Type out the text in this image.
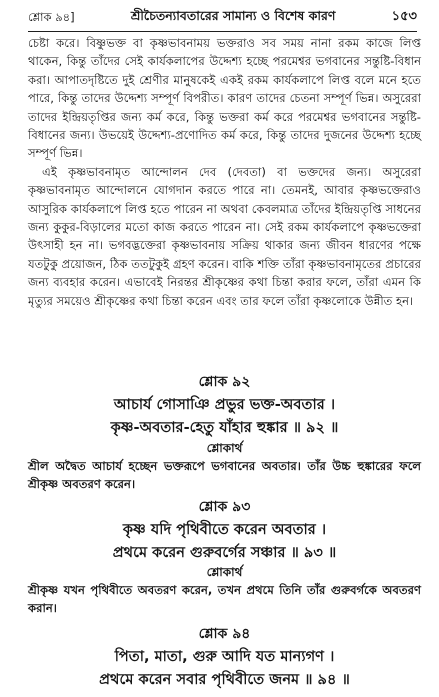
শ্লোক ৯৪]	শ্রীচৈতন্যাবতারের সামান্য ও বিশেষ কারণ	১৫৩

চেষ্টা করে। বিষ্ণুভক্ত বা কৃষ্ণভাবনাময় ভক্তরাও সব সময় নানা রকম কাজে লিপ্ত থাকেন, কিন্তু তাঁদের সেই কার্যকলাপের উদ্দেশ্য হচ্ছে পরমেশ্বর ভগবানের সন্তুষ্টি-বিধান করা। আপাতদৃষ্টিতে দুই শ্রেণীর মানুষকেই একই রকম কার্যকলাপে লিপ্ত বলে মনে হতে পারে, কিন্তু তাদের উদ্দেশ্য সম্পূর্ণ বিপরীত। কারণ তাদের চেতনা সম্পূর্ণ ভিন্ন। অসুরেরা তাদের ইন্দ্রিয়তৃপ্তির জন্য কর্ম করে, কিন্তু ভক্তরা কর্ম করে পরমেশ্বর ভগবানের সন্তুষ্টি-বিধানের জন্য। উভয়েই উদ্দেশ্য-প্রণোদিত কর্ম করে, কিন্তু তাদের দুজনের উদ্দেশ্য হচ্ছে সম্পূর্ণ ভিন্ন।

এই কৃষ্ণভাবনামৃত আন্দোলন দেব (দেবতা) বা ভক্তদের জন্য। অসুরেরা কৃষ্ণভাবনামৃত আন্দোলনে যোগদান করতে পারে না। তেমনই, আবার কৃষ্ণভক্তেরাও আসুরিক কার্যকলাপে লিপ্ত হতে পারেন না অথবা কেবলমাত্র তাঁদের ইন্দ্রিয়তৃপ্তি সাধনের জন্য কুকুর-বিড়ালের মতো কাজ করতে পারেন না। সেই রকম কার্যকলাপে কৃষ্ণভক্তেরা উৎসাহী হন না। ভগবদ্ভক্তেরা কৃষ্ণভাবনায় সক্রিয় থাকার জন্য জীবন ধারণের পক্ষে যতটুকু প্রয়োজন, ঠিক ততটুকুই গ্রহণ করেন। বাকি শক্তি তাঁরা কৃষ্ণভাবনামৃতের প্রচারের জন্য ব্যবহার করেন। এভাবেই নিরন্তর শ্রীকৃষ্ণের কথা চিন্তা করার ফলে, তাঁরা এমন কি মৃত্যুর সময়েও শ্রীকৃষ্ণের কথা চিন্তা করেন এবং তার ফলে তাঁরা কৃষ্ণলোকে উন্নীত হন।

শ্লোক ৯২
আচার্য গোসাঞি প্রভুর ভক্ত-অবতার ।
কৃষ্ণ-অবতার-হেতু যাঁহার হুঙ্কার ॥ ৯২ ॥
শ্লোকার্থ

শ্রীল অদ্বৈত আচার্য হচ্ছেন ভক্তরূপে ভগবানের অবতার। তাঁর উচ্চ হুঙ্কারের ফলে শ্রীকৃষ্ণ অবতরণ করেন।

শ্লোক ৯৩
কৃষ্ণ যদি পৃথিবীতে করেন অবতার ।
প্রথমে করেন গুরুবর্গের সঞ্চার ॥ ৯৩ ॥
শ্লোকার্থ

শ্রীকৃষ্ণ যখন পৃথিবীতে অবতরণ করেন, তখন প্রথমে তিনি তাঁর গুরুবর্গকে অবতরণ করান।

শ্লোক ৯৪
পিতা, মাতা, গুরু আদি যত মান্যগণ ।
প্রথমে করেন সবার পৃথিবীতে জনম ॥ ৯৪ ॥
